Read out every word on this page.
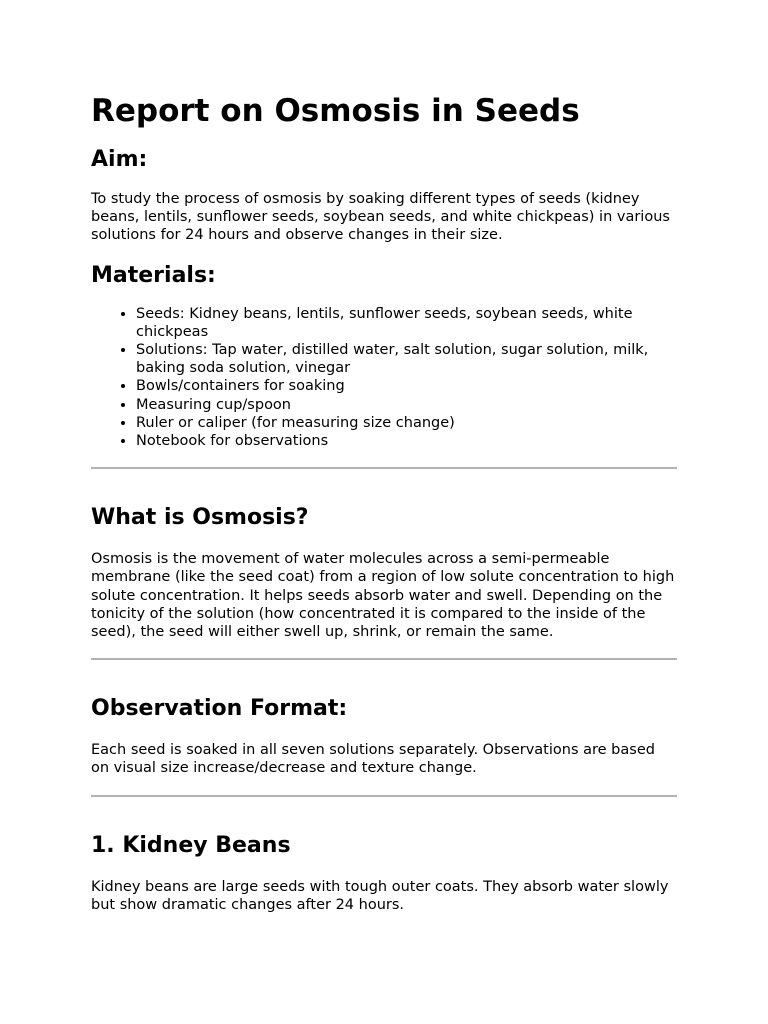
Report on Osmosis in Seeds
Aim:

To study the process of osmosis by soaking different types of seeds (kidney beans, lentils, sunflower seeds, soybean seeds, and white chickpeas) in various solutions for 24 hours and observe changes in their size.

Materials:
• Seeds: Kidney beans, lentils, sunflower seeds, soybean seeds, white chickpeas
• Solutions: Tap water, distilled water, salt solution, sugar solution, milk, baking soda solution, vinegar
• Bowls/containers for soaking
• Measuring cup/spoon
• Ruler or caliper (for measuring size change)
• Notebook for observations
What is Osmosis?

Osmosis is the movement of water molecules across a semi-permeable membrane (like the seed coat) from a region of low solute concentration to high solute concentration. It helps seeds absorb water and swell. Depending on the tonicity of the solution (how concentrated it is compared to the inside of the seed), the seed will either swell up, shrink, or remain the same.

Observation Format:

Each seed is soaked in all seven solutions separately. Observations are based on visual size increase/decrease and texture change.

1. Kidney Beans

Kidney beans are large seeds with tough outer coats. They absorb water slowly but show dramatic changes after 24 hours.
